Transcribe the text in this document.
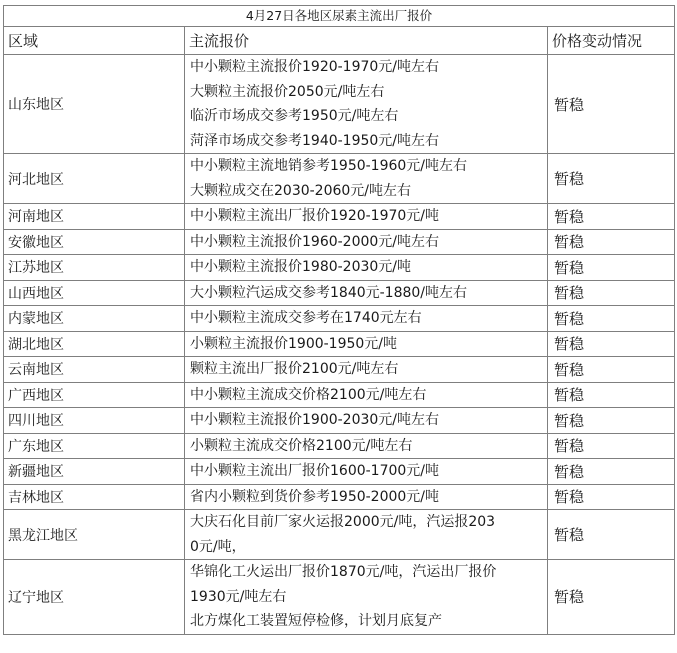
4月27日各地区尿素主流出厂报价		
区域	主流报价	价格变动情况
山东地区	中小颗粒主流报价1920-1970元/吨左右
大颗粒主流报价2050元/吨左右
临沂市场成交参考1950元/吨左右
菏泽市场成交参考1940-1950元/吨左右	暂稳
河北地区	中小颗粒主流地销参考1950-1960元/吨左右
大颗粒成交在2030-2060元/吨左右	暂稳
河南地区	中小颗粒主流出厂报价1920-1970元/吨	暂稳
安徽地区	中小颗粒主流报价1960-2000元/吨左右	暂稳
江苏地区	中小颗粒主流报价1980-2030元/吨	暂稳
山西地区	大小颗粒汽运成交参考1840元-1880/吨左右	暂稳
内蒙地区	中小颗粒主流成交参考在1740元左右	暂稳
湖北地区	小颗粒主流报价1900-1950元/吨	暂稳
云南地区	颗粒主流出厂报价2100元/吨左右	暂稳
广西地区	中小颗粒主流成交价格2100元/吨左右	暂稳
四川地区	中小颗粒主流报价1900-2030元/吨左右	暂稳
广东地区	小颗粒主流成交价格2100元/吨左右	暂稳
新疆地区	中小颗粒主流出厂报价1600-1700元/吨	暂稳
吉林地区	省内小颗粒到货价参考1950-2000元/吨	暂稳
黑龙江地区	大庆石化目前厂家火运报2000元/吨，汽运报203
0元/吨，	暂稳
辽宁地区	华锦化工火运出厂报价1870元/吨，汽运出厂报价
1930元/吨左右
北方煤化工装置短停检修，计划月底复产	暂稳
